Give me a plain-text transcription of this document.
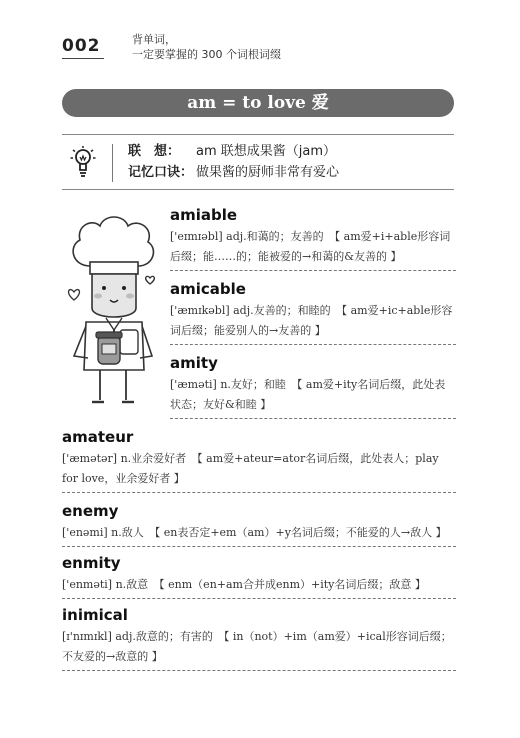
002	背单词，
一定要掌握的 300 个词根词缀
am = to love 爱
联　想： am 联想成果酱（jam）
记忆口诀： 做果酱的厨师非常有爱心
amiable
['eɪmɪəbl] adj.和蔼的；友善的　【 am爱+i+able形容词后缀；能……的；能被爱的→和蔼的&友善的 】
amicable
['æmɪkəbl] adj.友善的；和睦的　【 am爱+ic+able形容词后缀；能爱别人的→友善的 】
amity
['æməti] n.友好；和睦　【 am爱+ity名词后缀，此处表状态；友好&和睦 】
amateur
['æmətər] n.业余爱好者　【 am爱+ateur=ator名词后缀，此处表人；play for love，业余爱好者 】
enemy
['enəmi] n.敌人　【 en表否定+em（am）+y名词后缀；不能爱的人→敌人 】
enmity
['enməti] n.敌意　【 enm（en+am合并成enm）+ity名词后缀；敌意 】
inimical
[ɪ'nɪmɪkl] adj.敌意的；有害的　【 in（not）+im（am爱）+ical形容词后缀；不友爱的→敌意的 】
